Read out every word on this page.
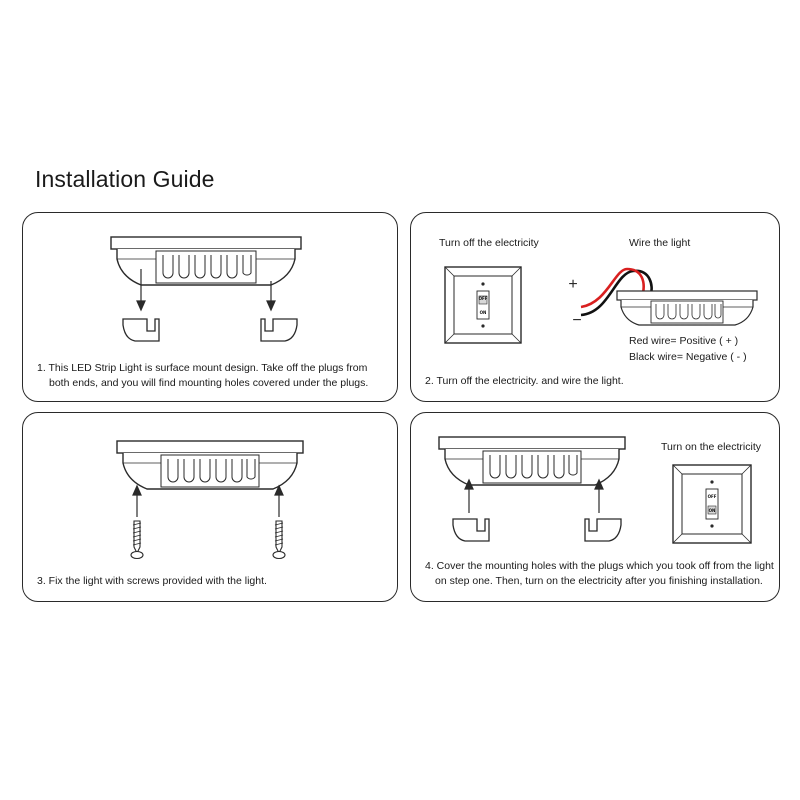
Installation Guide

1. This LED Strip Light is surface mount design. Take off the plugs from
both ends, and you will find mounting holes covered under the plugs.

Turn off the electricity	Wire the light
OFF
ON
+
−
Red wire= Positive ( + )
Black wire= Negative ( - )

2. Turn off the electricity. and wire the light.

3. Fix the light with screws provided with the light.

OFF
ON
Turn on the electricity

4. Cover the mounting holes with the plugs which you took off from the light
on step one. Then, turn on the electricity after you finishing installation.
